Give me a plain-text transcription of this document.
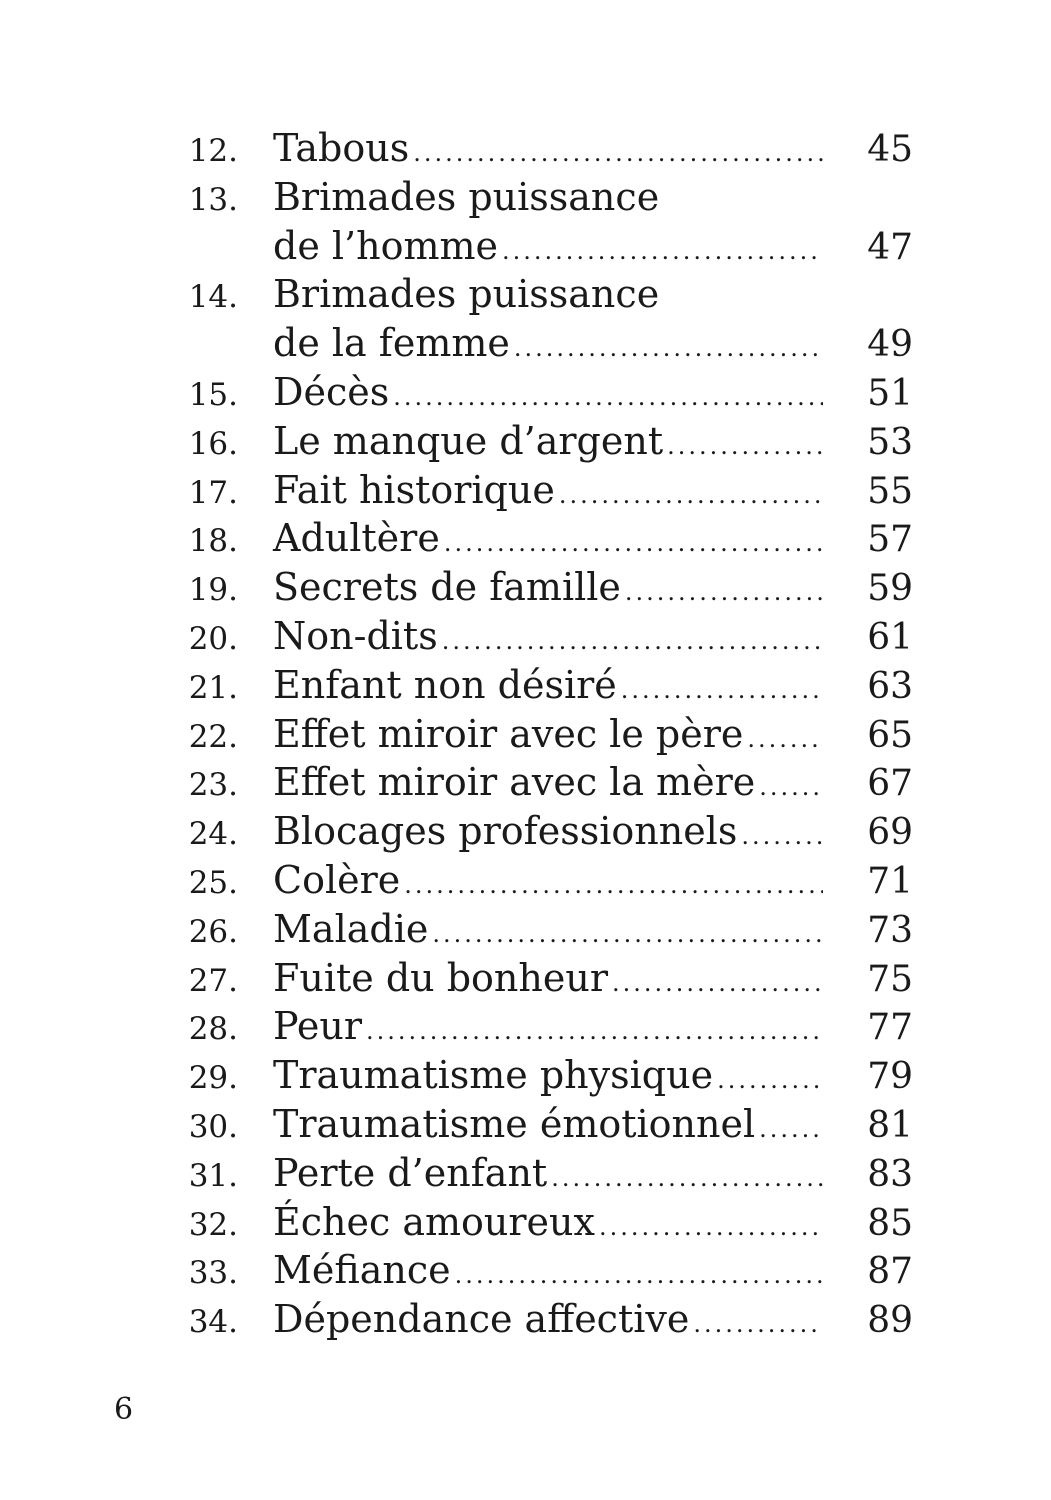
12. Tabous .....	45
13. Brimades puissance
de l’homme .....	47
14. Brimades puissance
de la femme .....	49
15. Décès .....	51
16. Le manque d’argent .....	53
17. Fait historique .....	55
18. Adultère .....	57
19. Secrets de famille .....	59
20. Non-dits .....	61
21. Enfant non désiré .....	63
22. Effet miroir avec le père .....	65
23. Effet miroir avec la mère .....	67
24. Blocages professionnels .....	69
25. Colère .....	71
26. Maladie .....	73
27. Fuite du bonheur .....	75
28. Peur .....	77
29. Traumatisme physique .....	79
30. Traumatisme émotionnel .....	81
31. Perte d’enfant .....	83
32. Échec amoureux .....	85
33. Méfiance .....	87
34. Dépendance affective .....	89
6
